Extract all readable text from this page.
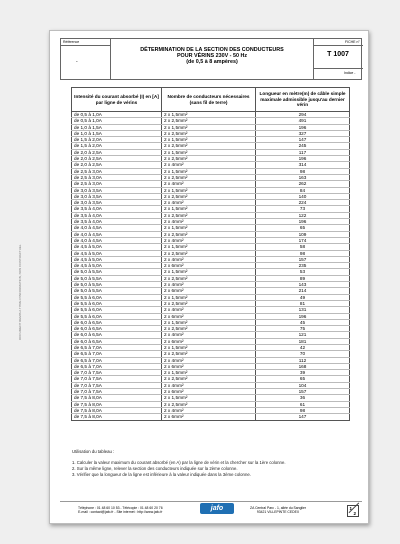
DOCUMENT REMIS A TITRE D'INFORMATION, NON CONTRACTUEL
Référence
-
DÉTERMINATION DE LA SECTION DES CONDUCTEURS
POUR VÉRINS 230V - 50 Hz
(de 0,5 à 8 ampères)
FICHE n°
T 1007
Indice -
Intensité du courant absorbé (I) en [A] par ligne de vérins	Nombre de conducteurs nécessaires (sans fil de terre)	Longueur en mètre(m) de câble simple maximale admissible jusqu'au dernier vérin
de 0,5 à 1,0A	2 x 1,5mm²	294
de 0,5 à 1,0A	2 x 2,5mm²	491
de 1,0 à 1,5A	2 x 1,5mm²	196
de 1,0 à 1,5A	2 x 2,5mm²	327
de 1,5 à 2,0A	2 x 1,5mm²	147
de 1,5 à 2,0A	2 x 2,5mm²	245
de 2,0 à 2,5A	2 x 1,5mm²	117
de 2,0 à 2,5A	2 x 2,5mm²	196
de 2,0 à 2,5A	2 x 4mm²	314
de 2,5 à 3,0A	2 x 1,5mm²	98
de 2,5 à 3,0A	2 x 2,5mm²	163
de 2,5 à 3,0A	2 x 4mm²	262
de 3,0 à 3,5A	2 x 1,5mm²	84
de 3,0 à 3,5A	2 x 2,5mm²	140
de 3,0 à 3,5A	2 x 4mm²	224
de 3,5 à 4,0A	2 x 1,5mm²	73
de 3,5 à 4,0A	2 x 2,5mm²	122
de 3,5 à 4,0A	2 x 4mm²	196
de 4,0 à 4,5A	2 x 1,5mm²	65
de 4,0 à 4,5A	2 x 2,5mm²	109
de 4,0 à 4,5A	2 x 4mm²	174
de 4,5 à 5,0A	2 x 1,5mm²	58
de 4,5 à 5,0A	2 x 2,5mm²	98
de 4,5 à 5,0A	2 x 4mm²	157
de 4,5 à 5,0A	2 x 6mm²	235
de 5,0 à 5,5A	2 x 1,5mm²	53
de 5,0 à 5,5A	2 x 2,5mm²	89
de 5,0 à 5,5A	2 x 4mm²	143
de 5,0 à 5,5A	2 x 6mm²	214
de 5,5 à 6,0A	2 x 1,5mm²	49
de 5,5 à 6,0A	2 x 2,5mm²	81
de 5,5 à 6,0A	2 x 4mm²	131
de 5,5 à 6,0A	2 x 6mm²	196
de 6,0 à 6,5A	2 x 1,5mm²	45
de 6,0 à 6,5A	2 x 2,5mm²	75
de 6,0 à 6,5A	2 x 4mm²	121
de 6,0 à 6,5A	2 x 6mm²	181
de 6,5 à 7,0A	2 x 1,5mm²	42
de 6,5 à 7,0A	2 x 2,5mm²	70
de 6,5 à 7,0A	2 x 4mm²	112
de 6,5 à 7,0A	2 x 6mm²	168
de 7,0 à 7,5A	2 x 1,5mm²	39
de 7,0 à 7,5A	2 x 2,5mm²	65
de 7,0 à 7,5A	2 x 4mm²	104
de 7,0 à 7,5A	2 x 6mm²	157
de 7,5 à 8,0A	2 x 1,5mm²	36
de 7,5 à 8,0A	2 x 2,5mm²	61
de 7,5 à 8,0A	2 x 4mm²	98
de 7,5 à 8,0A	2 x 6mm²	147
Utilisation du tableau :
1. Calculer la valeur maximum du courant absorbé (en A) par la ligne de vérin et la chercher sur la 1ère colonne.
2. Sur la même ligne, relever la section des conducteurs indiquée sur la 2ème colonne.
3. Vérifier que la longueur de la ligne est inférieure à la valeur indiquée dans la 3ème colonne.
Téléphone : 01 48 60 10 53 - Télécopie : 01 48 60 20 76
E-mail : contact@jafo.fr - Site internet : http://www.jafo.fr
jafo	ZA Central Parc - 1, allée du Sanglier
93421 VILLEPINTE CEDEX
1
2
